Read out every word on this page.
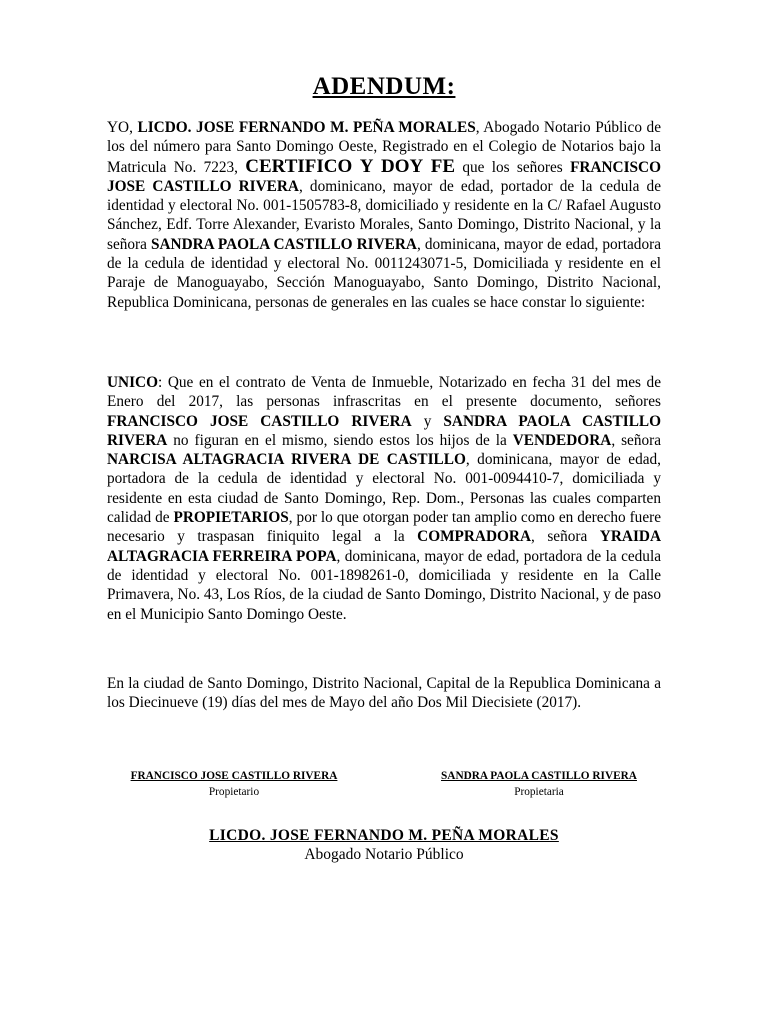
ADENDUM:

YO, LICDO. JOSE FERNANDO M. PEÑA MORALES, Abogado Notario Público de los del número para Santo Domingo Oeste, Registrado en el Colegio de Notarios bajo la Matricula No. 7223, CERTIFICO Y DOY FE que los señores FRANCISCO JOSE CASTILLO RIVERA, dominicano, mayor de edad, portador de la cedula de identidad y electoral No. 001-1505783-8, domiciliado y residente en la C/ Rafael Augusto Sánchez, Edf. Torre Alexander, Evaristo Morales, Santo Domingo, Distrito Nacional, y la señora SANDRA PAOLA CASTILLO RIVERA, dominicana, mayor de edad, portadora de la cedula de identidad y electoral No. 0011243071-5, Domiciliada y residente en el Paraje de Manoguayabo, Sección Manoguayabo, Santo Domingo, Distrito Nacional, Republica Dominicana, personas de generales en las cuales se hace constar lo siguiente:

UNICO: Que en el contrato de Venta de Inmueble, Notarizado en fecha 31 del mes de Enero del 2017, las personas infrascritas en el presente documento, señores FRANCISCO JOSE CASTILLO RIVERA y SANDRA PAOLA CASTILLO RIVERA no figuran en el mismo, siendo estos los hijos de la VENDEDORA, señora NARCISA ALTAGRACIA RIVERA DE CASTILLO, dominicana, mayor de edad, portadora de la cedula de identidad y electoral No. 001-0094410-7, domiciliada y residente en esta ciudad de Santo Domingo, Rep. Dom., Personas las cuales comparten calidad de PROPIETARIOS, por lo que otorgan poder tan amplio como en derecho fuere necesario y traspasan finiquito legal a la COMPRADORA, señora YRAIDA ALTAGRACIA FERREIRA POPA, dominicana, mayor de edad, portadora de la cedula de identidad y electoral No. 001-1898261-0, domiciliada y residente en la Calle Primavera, No. 43, Los Ríos, de la ciudad de Santo Domingo, Distrito Nacional, y de paso en el Municipio Santo Domingo Oeste.

En la ciudad de Santo Domingo, Distrito Nacional, Capital de la Republica Dominicana a los Diecinueve (19) días del mes de Mayo del año Dos Mil Diecisiete (2017).

FRANCISCO JOSE CASTILLO RIVERA
Propietario
SANDRA PAOLA CASTILLO RIVERA
Propietaria
LICDO. JOSE FERNANDO M. PEÑA MORALES
Abogado Notario Público
